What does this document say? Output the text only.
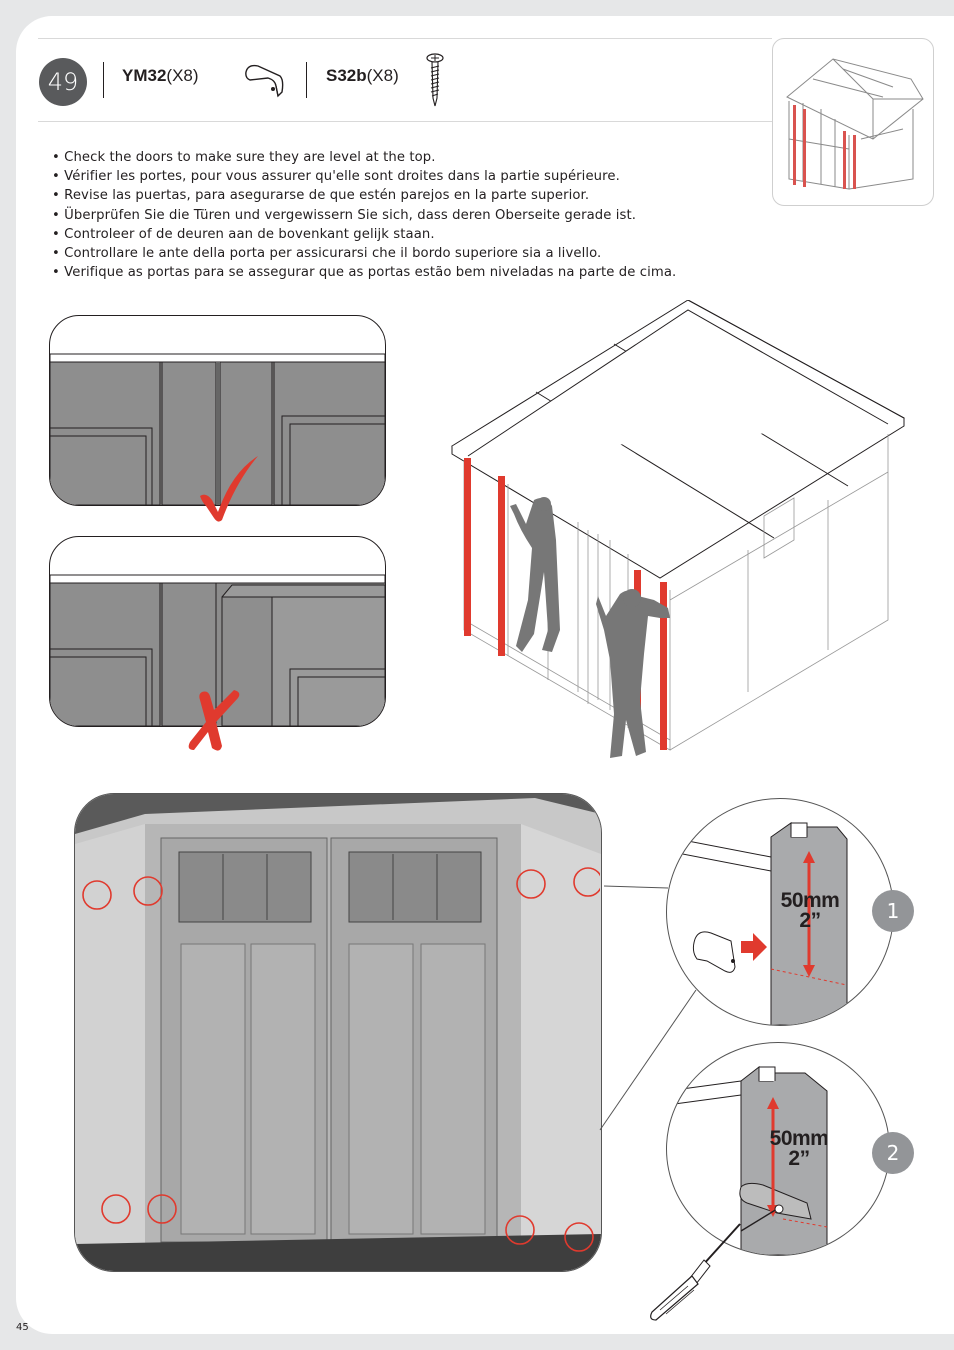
49	YM32(X8)	S32b(X8)
• Check the doors to make sure they are level at the top.
• Vérifier les portes, pour vous assurer qu'elle sont droites dans la partie supérieure.
• Revise las puertas, para asegurarse de que estén parejos en la parte superior.
• Überprüfen Sie die Türen und vergewissern Sie sich, dass deren Oberseite gerade ist.
• Controleer of de deuren aan de bovenkant gelijk staan.
• Controllare le ante della porta per assicurarsi che il bordo superiore sia a livello.
• Verifique as portas para se assegurar que as portas estão bem niveladas na parte de cima.
50mm
2”	1
50mm
2”	2
45
